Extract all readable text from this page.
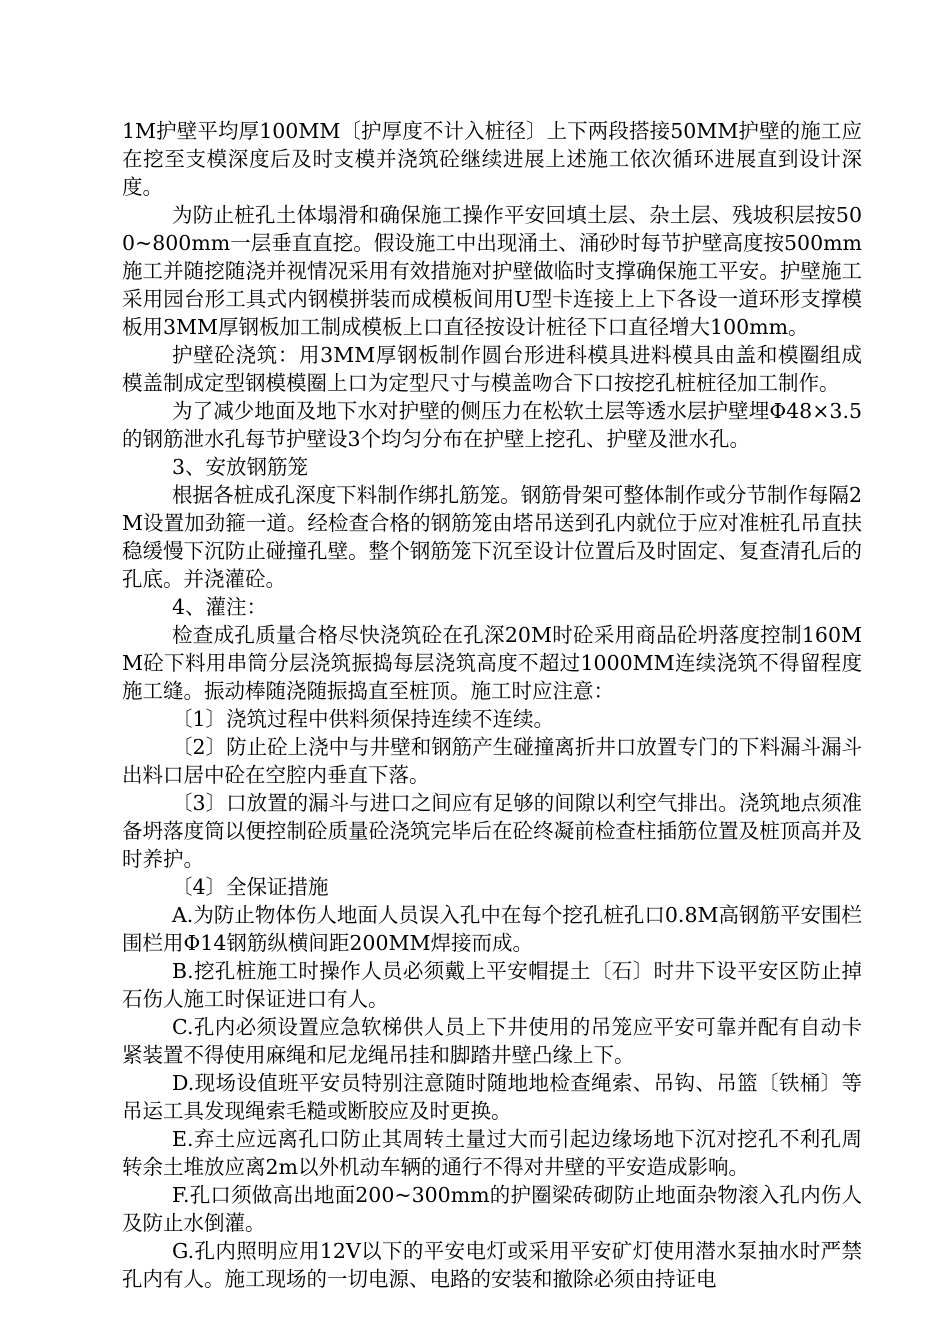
1M护壁平均厚100MM〔护厚度不计入桩径〕上下两段搭接50MM护壁的施工应在挖至支模深度后及时支模并浇筑砼继续进展上述施工依次循环进展直到设计深度。

为防止桩孔土体塌滑和确保施工操作平安回填土层、杂土层、残坡积层按500~800mm一层垂直直挖。假设施工中出现涌土、涌砂时每节护壁高度按500mm施工并随挖随浇并视情况采用有效措施对护壁做临时支撑确保施工平安。护壁施工采用园台形工具式内钢模拼装而成模板间用U型卡连接上上下各设一道环形支撑模板用3MM厚钢板加工制成模板上口直径按设计桩径下口直径增大100mm。

护壁砼浇筑：用3MM厚钢板制作圆台形进科模具进料模具由盖和模圈组成模盖制成定型钢模模圈上口为定型尺寸与模盖吻合下口按挖孔桩桩径加工制作。

为了减少地面及地下水对护壁的侧压力在松软土层等透水层护壁埋Φ48×3.5的钢筋泄水孔每节护壁设3个均匀分布在护壁上挖孔、护壁及泄水孔。

3、安放钢筋笼

根据各桩成孔深度下料制作绑扎筋笼。钢筋骨架可整体制作或分节制作每隔2M设置加劲箍一道。经检查合格的钢筋笼由塔吊送到孔内就位于应对准桩孔吊直扶稳缓慢下沉防止碰撞孔壁。整个钢筋笼下沉至设计位置后及时固定、复查清孔后的孔底。并浇灌砼。

4、灌注：

检查成孔质量合格尽快浇筑砼在孔深20M时砼采用商品砼坍落度控制160MM砼下料用串筒分层浇筑振捣每层浇筑高度不超过1000MM连续浇筑不得留程度施工缝。振动棒随浇随振捣直至桩顶。施工时应注意：

〔1〕浇筑过程中供料须保持连续不连续。

〔2〕防止砼上浇中与井壁和钢筋产生碰撞离折井口放置专门的下料漏斗漏斗出料口居中砼在空腔内垂直下落。

〔3〕口放置的漏斗与进口之间应有足够的间隙以利空气排出。浇筑地点须准备坍落度筒以便控制砼质量砼浇筑完毕后在砼终凝前检查柱插筋位置及桩顶高并及时养护。

〔4〕全保证措施

A.为防止物体伤人地面人员误入孔中在每个挖孔桩孔口0.8M高钢筋平安围栏围栏用Φ14钢筋纵横间距200MM焊接而成。

B.挖孔桩施工时操作人员必须戴上平安帽提土〔石〕时井下设平安区防止掉石伤人施工时保证进口有人。

C.孔内必须设置应急软梯供人员上下井使用的吊笼应平安可靠并配有自动卡紧装置不得使用麻绳和尼龙绳吊挂和脚踏井壁凸缘上下。

D.现场设值班平安员特别注意随时随地地检查绳索、吊钩、吊篮〔铁桶〕等吊运工具发现绳索毛糙或断胶应及时更换。

E.弃土应远离孔口防止其周转土量过大而引起边缘场地下沉对挖孔不利孔周转余土堆放应离2m以外机动车辆的通行不得对井壁的平安造成影响。

F.孔口须做高出地面200~300mm的护圈梁砖砌防止地面杂物滚入孔内伤人及防止水倒灌。

G.孔内照明应用12V以下的平安电灯或采用平安矿灯使用潜水泵抽水时严禁孔内有人。施工现场的一切电源、电路的安装和撤除必须由持证电
